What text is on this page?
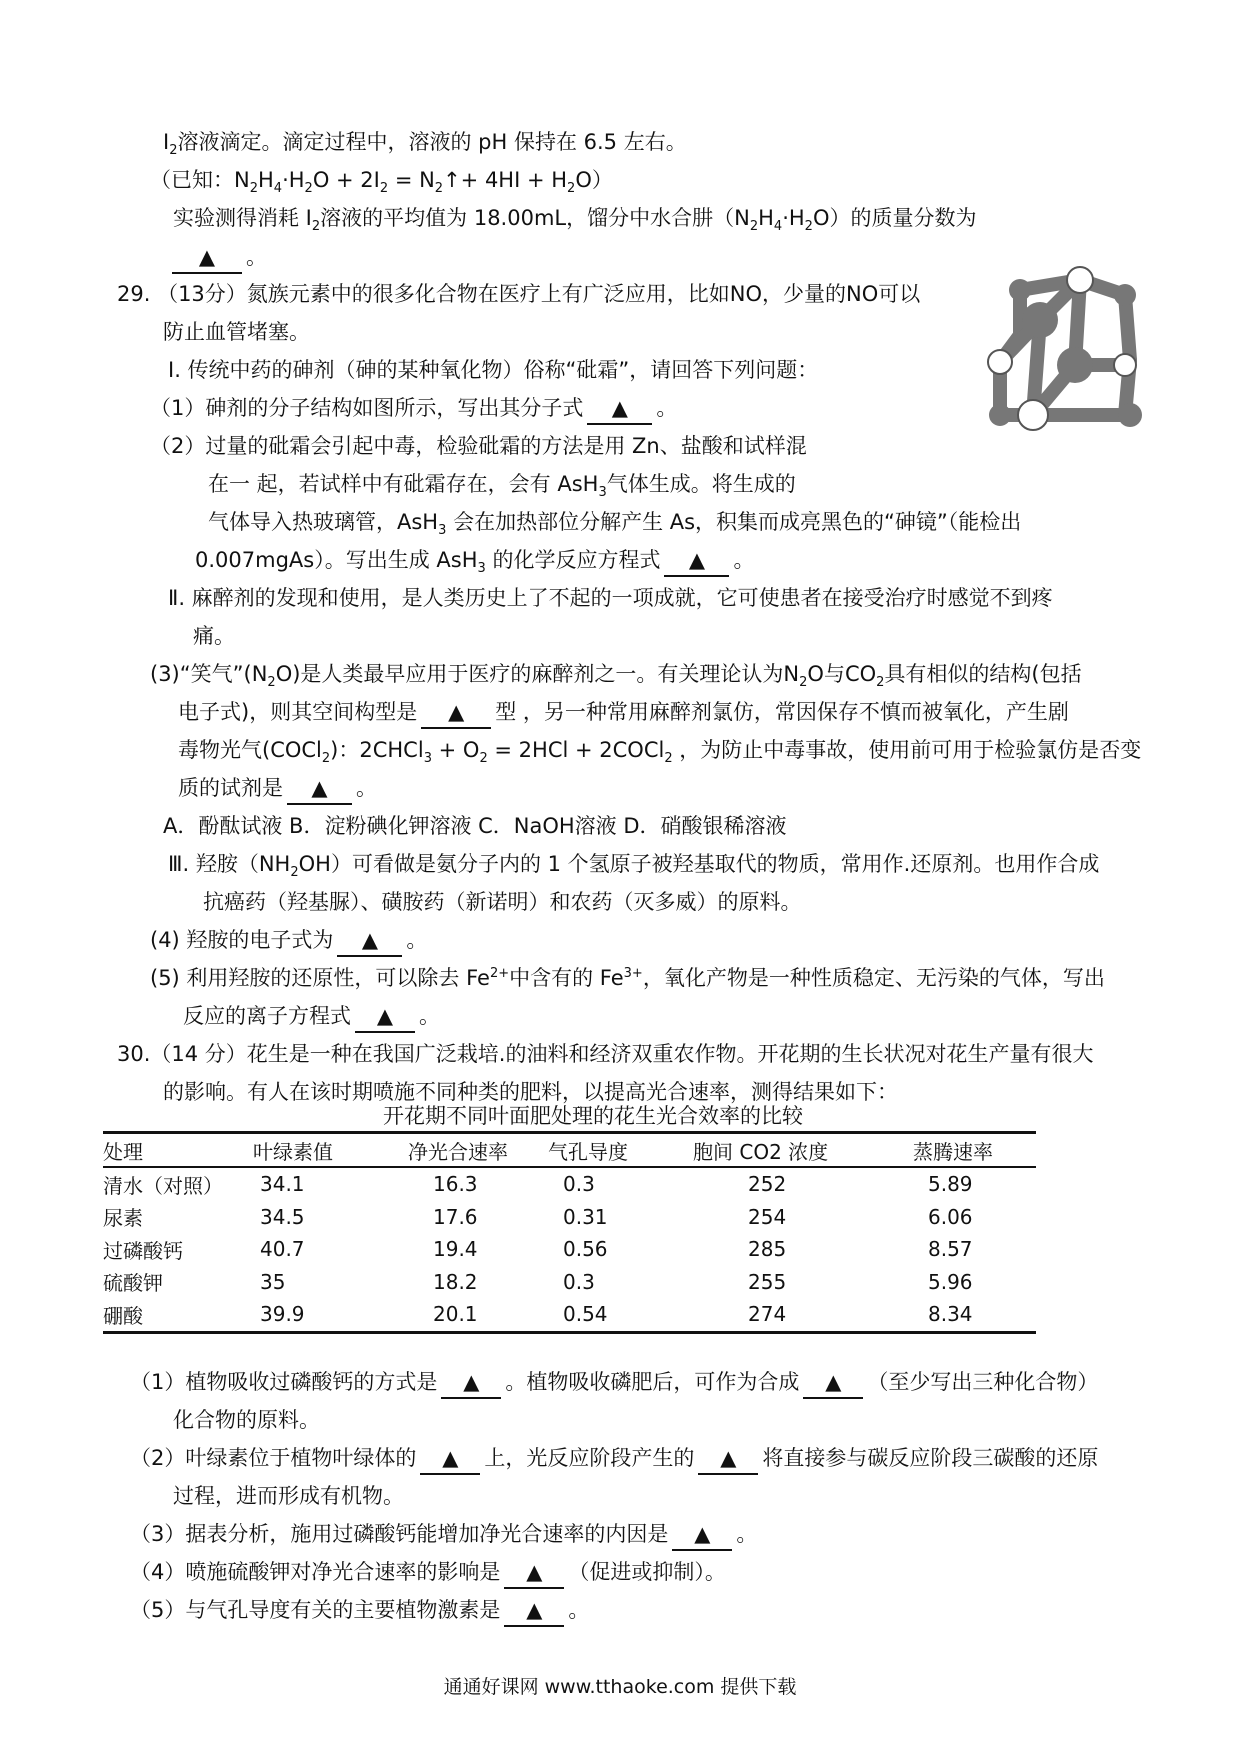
$I_2$溶液滴定。滴定过程中，溶液的 pH 保持在 6.5 左右。
（已知：$N_2H_4\cdot H_2O + 2I_2$ = $N_2↑+ 4HI + H_2O$）
实验测得消耗 $I_2$溶液的平均值为 18.00mL，馏分中水合肼$(N_2H_4\cdot H_2O)$的质量分数为
▲ 。
29. （13分）氮族元素中的很多化合物在医疗上有广泛应用，比如NO，少量的NO可以
防止血管堵塞。
Ⅰ. 传统中药的砷剂（砷的某种氧化物）俗称“砒霜”，请回答下列问题：
（1）砷剂的分子结构如图所示，写出其分子式 ▲ 。
（2）过量的砒霜会引起中毒，检验砒霜的方法是用 Zn、盐酸和试样混
在一 起，若试样中有砒霜存在，会有 AsH$_3$气体生成。将生成的
气体导入热玻璃管，AsH$_3$ 会在加热部位分解产生 As，积集而成亮黑色的“砷镜”（能检出
0.007mgAs）。写出生成 AsH$_3$ 的化学反应方程式 ▲ 。
Ⅱ. 麻醉剂的发现和使用，是人类历史上了不起的一项成就，它可使患者在接受治疗时感觉不到疼
痛。
(3)“笑气$”(N_2O)$是人类最早应用于医疗的麻醉剂之一。有关理论认为$N_2O$与$CO_2$具有相似的结构(包括
电子式)，则其空间构型是 ▲ 型 ，另一种常用麻醉剂氯仿，常因保存不慎而被氧化，产生剧
毒物光气(COCl$_2$)：2CHCl$_3$ + $O_2 = 2HCl$ + 2COCl$_2$ ，为防止中毒事故，使用前可用于检验氯仿是否变
质的试剂是 ▲ 。
A．酚酞试液 B．淀粉碘化钾溶液 C．NaOH溶液 D．硝酸银稀溶液
Ⅲ. 羟胺$(NH_2OH)$可看做是氨分子内的 1 个氢原子被羟基取代的物质，常用作.还原剂。也用作合成
抗癌药（羟基脲）、磺胺药（新诺明）和农药（灭多威）的原料。
(4) 羟胺的电子式为 ▲ 。
(5) 利用羟胺的还原性，可以除去 $Fe^{2+}$中含有的 $Fe^{3+}$，氧化产物是一种性质稳定、无污染的气体，写出
反应的离子方程式 ▲ 。
30.（14 分）花生是一种在我国广泛栽培.的油料和经济双重农作物。开花期的生长状况对花生产量有很大
的影响。有人在该时期喷施不同种类的肥料，以提高光合速率，测得结果如下：
开花期不同叶面肥处理的花生光合效率的比较
处理	叶绿素值	净光合速率	气孔导度	胞间 CO2 浓度	蒸腾速率
清水（对照）	34.1	16.3	0.3	252	5.89
尿素	34.5	17.6	0.31	254	6.06
过磷酸钙	40.7	19.4	0.56	285	8.57
硫酸钾	35	18.2	0.3	255	5.96
硼酸	39.9	20.1	0.54	274	8.34
（1）植物吸收过磷酸钙的方式是 ▲ 。植物吸收磷肥后，可作为合成 ▲ （至少写出三种化合物）
化合物的原料。
（2）叶绿素位于植物叶绿体的 ▲ 上，光反应阶段产生的 ▲ 将直接参与碳反应阶段三碳酸的还原
过程，进而形成有机物。
（3）据表分析，施用过磷酸钙能增加净光合速率的内因是 ▲ 。
（4）喷施硫酸钾对净光合速率的影响是 ▲ （促进或抑制）。
（5）与气孔导度有关的主要植物激素是 ▲ 。
通通好课网 www.tthaoke.com 提供下载
